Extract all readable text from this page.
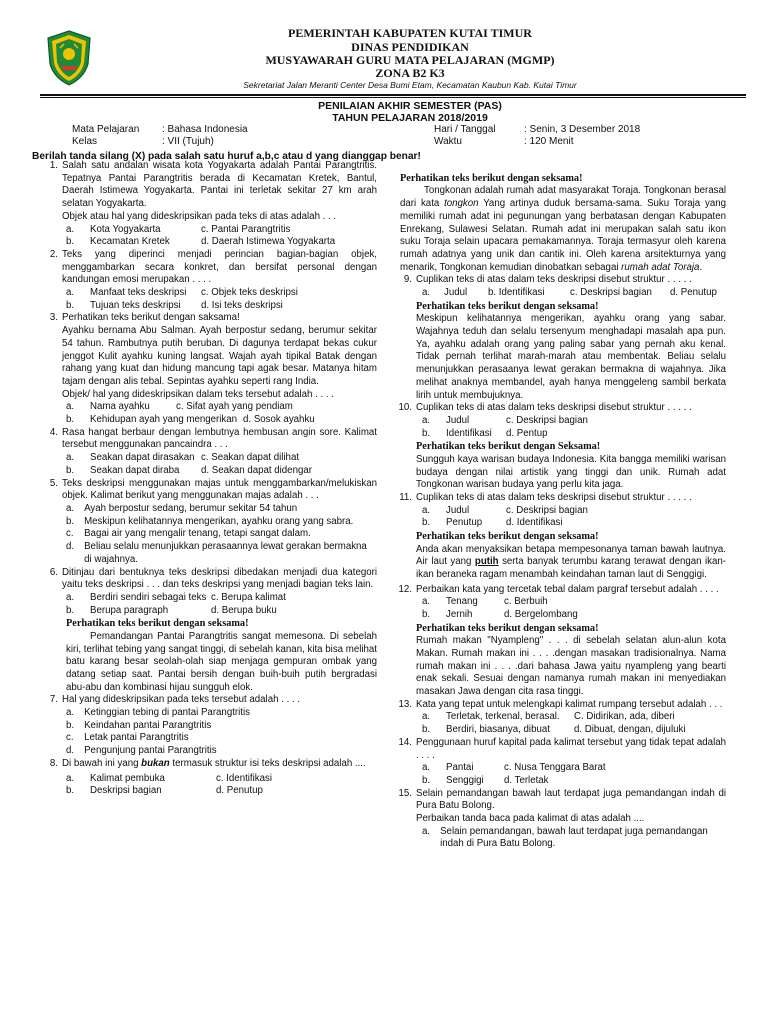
PEMERINTAH KABUPATEN KUTAI TIMUR
DINAS PENDIDIKAN
MUSYAWARAH GURU MATA PELAJARAN (MGMP)
ZONA B2 K3
Sekretariat Jalan Meranti Center Desa Bumi Etam, Kecamatan Kaubun Kab. Kutai Timur
PENILAIAN AKHIR SEMESTER (PAS)
TAHUN PELAJARAN 2018/2019
Mata Pelajaran : Bahasa Indonesia
Kelas	: VII (Tujuh)
Hari / Tanggal	: Senin, 3 Desember 2018
Waktu	: 120 Menit
Berilah tanda silang (X) pada salah satu huruf a,b,c atau d yang dianggap benar!
1. Salah satu andalan wisata kota Yogyakarta adalah Pantai Parangtritis. Tepatnya Pantai Parangtritis berada di Kecamatan Kretek, Bantul, Daerah Istimewa Yogyakarta. Pantai ini terletak sekitar 27 km arah selatan Yogyakarta.
Objek atau hal yang dideskripsikan pada teks di atas adalah . . .
a.	Kota Yogyakarta	c. Pantai Parangtritis
b.	Kecamatan Kretek	d. Daerah Istimewa Yogyakarta
2. Teks yang diperinci menjadi perincian bagian-bagian objek, menggambarkan secara konkret, dan bersifat personal dengan kandungan emosi merupakan . . . .
a.	Manfaat teks deskripsi c. Objek teks deskripsi
b.	Tujuan teks deskripsi d. Isi teks deskripsi
3. Perhatikan teks berikut dengan saksama!
Ayahku bernama Abu Salman. Ayah berpostur sedang, berumur sekitar 54 tahun. Rambutnya putih beruban. Di dagunya terdapat bekas cukur jenggot Kulit ayahku kuning langsat. Wajah ayah tipikal Batak dengan rahang yang kuat dan hidung mancung tapi agak besar. Matanya hitam tajam dengan alis tebal. Sepintas ayahku seperti rang India.
Objek/ hal yang dideskripsikan dalam teks tersebut adalah . . . .
a.	Nama ayahku	c. Sifat ayah yang pendiam
b.	Kehidupan ayah yang mengerikan d. Sosok ayahku
4. Rasa hangat berbaur dengan lembutnya hembusan angin sore. Kalimat tersebut menggunakan pancaindra . . .
a.	Seakan dapat dirasakan c. Seakan dapat dilihat
b.	Seakan dapat diraba d. Seakan dapat didengar
5. Teks deskripsi menggunakan majas untuk menggambarkan/melukiskan objek. Kalimat berikut yang menggunakan majas adalah . . .
a. Ayah berpostur sedang, berumur sekitar 54 tahun
b. Meskipun kelihatannya mengerikan, ayahku orang yang sabra.
c. Bagai air yang mengalir tenang, tetapi sangat dalam.
d. Beliau selalu menunjukkan perasaannya lewat gerakan bermakna di wajahnya.
6. Ditinjau dari bentuknya teks deskripsi dibedakan menjadi dua kategori yaitu teks deskripsi . . . dan teks deskripsi yang menjadi bagian teks lain.
a.	Berdiri sendiri sebagai teks c. Berupa kalimat
b.	Berupa paragraph	d. Berupa buku
Perhatikan teks berikut dengan seksama!
Pemandangan Pantai Parangtritis sangat memesona. Di sebelah kiri, terlihat tebing yang sangat tinggi, di sebelah kanan, kita bisa melihat batu karang besar seolah-olah siap menjaga gempuran ombak yang datang setiap saat. Pantai bersih dengan buih-buih putih bergradasi abu-abu dan kombinasi hijau sungguh elok.
7. Hal yang dideskripsikan pada teks tersebut adalah . . . .
a. Ketinggian tebing di pantai Parangtritis
b. Keindahan pantai Parangtritis
c. Letak pantai Parangtritis
d. Pengunjung pantai Parangtritis
8. Di bawah ini yang bukan termasuk struktur isi teks deskripsi adalah ....
a.	Kalimat pembuka	c. Identifikasi
b.	Deskripsi bagian	d. Penutup
Perhatikan teks berikut dengan seksama!
Tongkonan adalah rumah adat masyarakat Toraja. Tongkonan berasal dari kata tongkon Yang artinya duduk bersama-sama. Suku Toraja yang memiliki rumah adat ini pegunungan yang berbatasan dengan Kabupaten Enrekang, Sulawesi Selatan. Rumah adat ini merupakan salah satu ikon suku Toraja selain upacara pemakamannya. Toraja termasyur oleh karena rumah adatnya yang unik dan cantik ini. Oleh karena arsitekturnya yang menarik, Tongkonan kemudian dinobatkan sebagai rumah adat Toraja.
9. Cuplikan teks di atas dalam teks deskripsi disebut struktur . . . . .
a.	Judul	b. Identifikasi	c. Deskripsi bagian	d. Penutup
Perhatikan teks berikut dengan seksama!
Meskipun kelihatannya mengerikan, ayahku orang yang sabar. Wajahnya teduh dan selalu tersenyum menghadapi masalah apa pun. Ya, ayahku adalah orang yang paling sabar yang pernah aku kenal. Tidak pernah terlihat marah-marah atau membentak. Beliau selalu menunjukkan perasaanya lewat gerakan bermakna di wajahnya. Jika melihat anaknya membandel, ayah hanya menggeleng sambil berkata lirih untuk membujuknya.
10. Cuplikan teks di atas dalam teks deskripsi disebut struktur . . . . .
a.	Judul	c. Deskripsi bagian
b.	Identifikasi d. Pentup
Perhatikan teks berikut dengan Seksama!
Sungguh kaya warisan budaya Indonesia. Kita bangga memiliki warisan budaya dengan nilai artistik yang tinggi dan unik. Rumah adat Tongkonan warisan budaya yang perlu kita jaga.
11. Cuplikan teks di atas dalam teks deskripsi disebut struktur . . . . .
a.	Judul	c. Deskripsi bagian
b.	Penutup d. Identifikasi
Perhatikan teks berikut dengan seksama!
Anda akan menyaksikan betapa mempesonanya taman bawah lautnya. Air laut yang putih serta banyak terumbu karang terawat dengan ikan-ikan beraneka ragam menambah keindahan taman laut di Senggigi.
12. Perbaikan kata yang tercetak tebal dalam pargraf tersebut adalah . . . .
a.	Tenang	c. Berbuih
b.	Jernih	d. Bergelombang
Perhatikan teks berikut dengan seksama!
Rumah makan "Nyampleng" . . . di sebelah selatan alun-alun kota Makan. Rumah makan ini . . . .dengan masakan tradisionalnya. Nama rumah makan ini . . . .dari bahasa Jawa yaitu nyampleng yang bearti enak sekali. Sesuai dengan namanya rumah makan ini menyediakan masakan Jawa dengan cita rasa tinggi.
13. Kata yang tepat untuk melengkapi kalimat rumpang tersebut adalah . . .
a.	Terletak, terkenal, berasal. C. Didirikan, ada, diberi
b.	Berdiri, biasanya, dibuat d. Dibuat, dengan, dijuluki
14. Penggunaan huruf kapital pada kalimat tersebut yang tidak tepat adalah . . . .
a.	Pantai	c. Nusa Tenggara Barat
b.	Senggigi d. Terletak
15. Selain pemandangan bawah laut terdapat juga pemandangan indah di Pura Batu Bolong.
Perbaikan tanda baca pada kalimat di atas adalah ....
a. Selain pemandangan, bawah laut terdapat juga pemandangan indah di Pura Batu Bolong.
